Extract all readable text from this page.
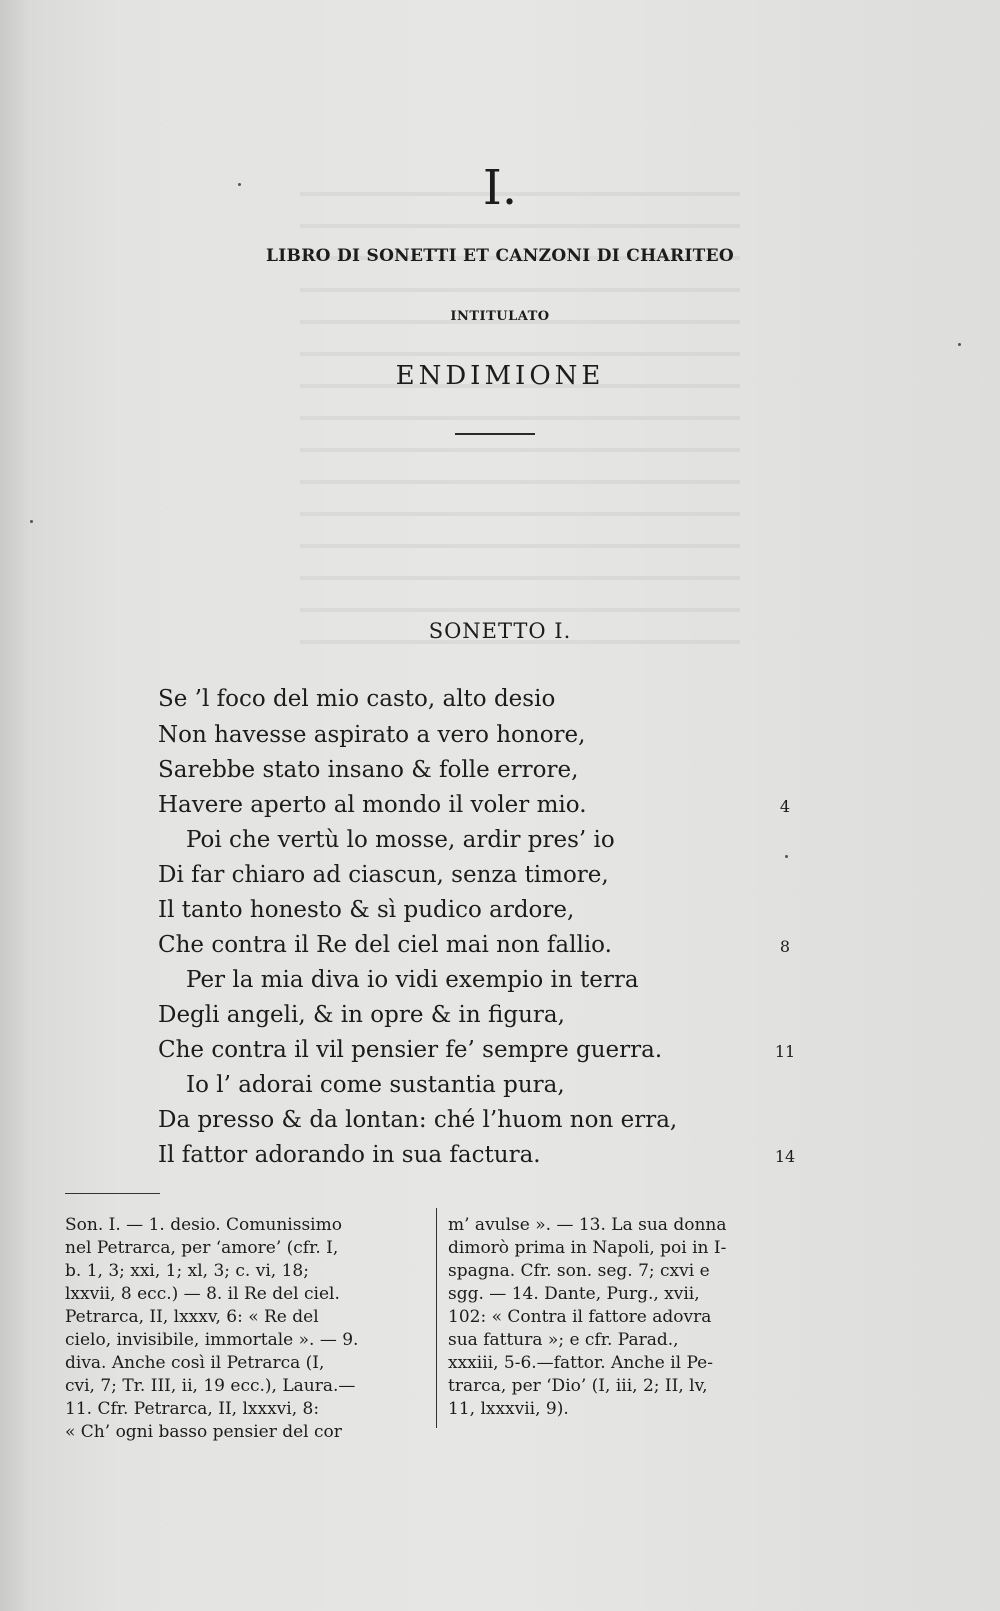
I.
LIBRO DI SONETTI ET CANZONI DI CHARITEO
INTITULATO
ENDIMIONE
SONETTO I.
Se ’l foco del mio casto, alto desio
Non havesse aspirato a vero honore,
Sarebbe stato insano & folle errore,
Havere aperto al mondo il voler mio.
Poi che vertù lo mosse, ardir pres’ io
Di far chiaro ad ciascun, senza timore,
Il tanto honesto & sì pudico ardore,
Che contra il Re del ciel mai non fallio.
Per la mia diva io vidi exempio in terra
Degli angeli, & in opre & in figura,
Che contra il vil pensier fe’ sempre guerra.
Io l’ adorai come sustantia pura,
Da presso & da lontan: ché l’huom non erra,
Il fattor adorando in sua factura.
4
8
11
14
Son. I. — 1. desio. Comunissimo
nel Petrarca, per ‘amore’ (cfr. I,
b. 1, 3; xxi, 1; xl, 3; c. vi, 18;
lxxvii, 8 ecc.) — 8. il Re del ciel.
Petrarca, II, lxxxv, 6: « Re del
cielo, invisibile, immortale ». — 9.
diva. Anche così il Petrarca (I,
cvi, 7; Tr. III, ii, 19 ecc.), Laura.—
11. Cfr. Petrarca, II, lxxxvi, 8:
« Ch’ ogni basso pensier del cor
m’ avulse ». — 13. La sua donna
dimorò prima in Napoli, poi in I-
spagna. Cfr. son. seg. 7; cxvi e
sgg. — 14. Dante, Purg., xvii,
102: « Contra il fattore adovra
sua fattura »; e cfr. Parad.,
xxxiii, 5-6.—fattor. Anche il Pe-
trarca, per ‘Dio’ (I, iii, 2; II, lv,
11, lxxxvii, 9).
